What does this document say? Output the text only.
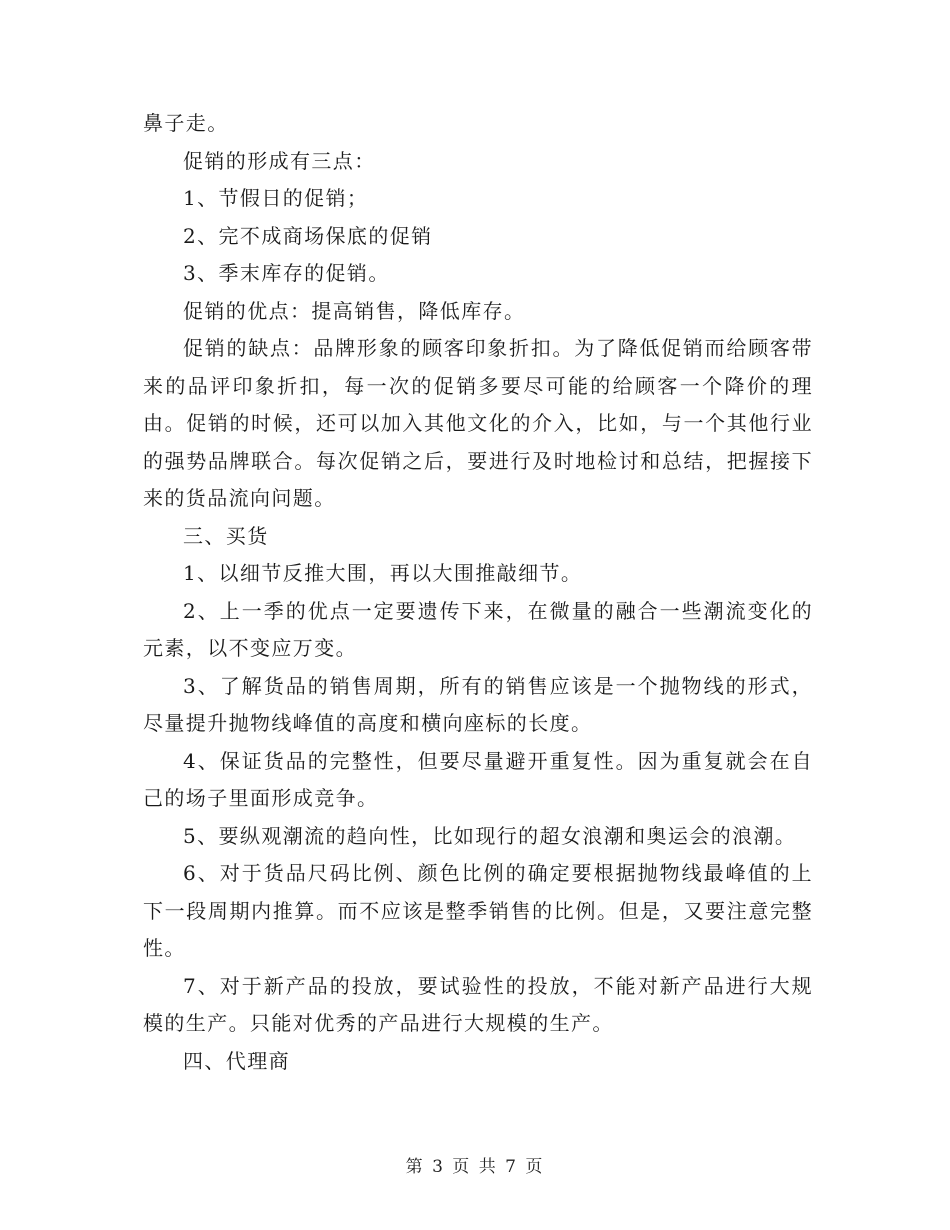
鼻子走。

促销的形成有三点：

1、节假日的促销；

2、完不成商场保底的促销

3、季末库存的促销。

促销的优点：提高销售，降低库存。

促销的缺点：品牌形象的顾客印象折扣。为了降低促销而给顾客带来的品评印象折扣，每一次的促销多要尽可能的给顾客一个降价的理由。促销的时候，还可以加入其他文化的介入，比如，与一个其他行业的强势品牌联合。每次促销之后，要进行及时地检讨和总结，把握接下来的货品流向问题。

三、买货

1、以细节反推大围，再以大围推敲细节。

2、上一季的优点一定要遗传下来，在微量的融合一些潮流变化的元素，以不变应万变。

3、了解货品的销售周期，所有的销售应该是一个抛物线的形式，尽量提升抛物线峰值的高度和横向座标的长度。

4、保证货品的完整性，但要尽量避开重复性。因为重复就会在自己的场子里面形成竞争。

5、要纵观潮流的趋向性，比如现行的超女浪潮和奥运会的浪潮。

6、对于货品尺码比例、颜色比例的确定要根据抛物线最峰值的上下一段周期内推算。而不应该是整季销售的比例。但是，又要注意完整性。

7、对于新产品的投放，要试验性的投放，不能对新产品进行大规模的生产。只能对优秀的产品进行大规模的生产。

四、代理商

第 3 页 共 7 页
